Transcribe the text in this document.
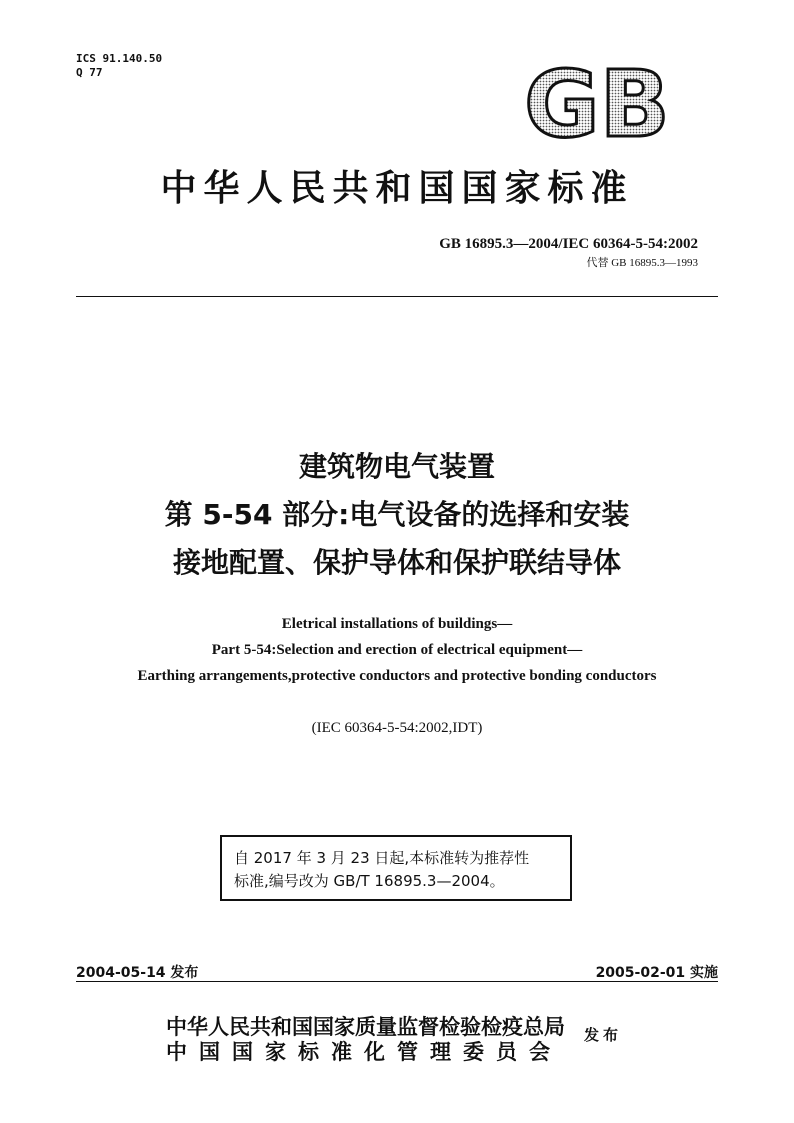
ICS 91.140.50
Q 77	GB
中华人民共和国国家标准
GB 16895.3—2004/IEC 60364-5-54:2002
代替 GB 16895.3—1993
建筑物电气装置
第 5-54 部分:电气设备的选择和安装
接地配置、保护导体和保护联结导体
Eletrical installations of buildings—
Part 5-54:Selection and erection of electrical equipment—
Earthing arrangements,protective conductors and protective bonding conductors
(IEC 60364-5-54:2002,IDT)
自 2017 年 3 月 23 日起,本标准转为推荐性
标准,编号改为 GB/T 16895.3—2004。
2004-05-14 发布	2005-02-01 实施
中华人民共和国国家质量监督检验检疫总局
中国国家标准化管理委员会
发布
